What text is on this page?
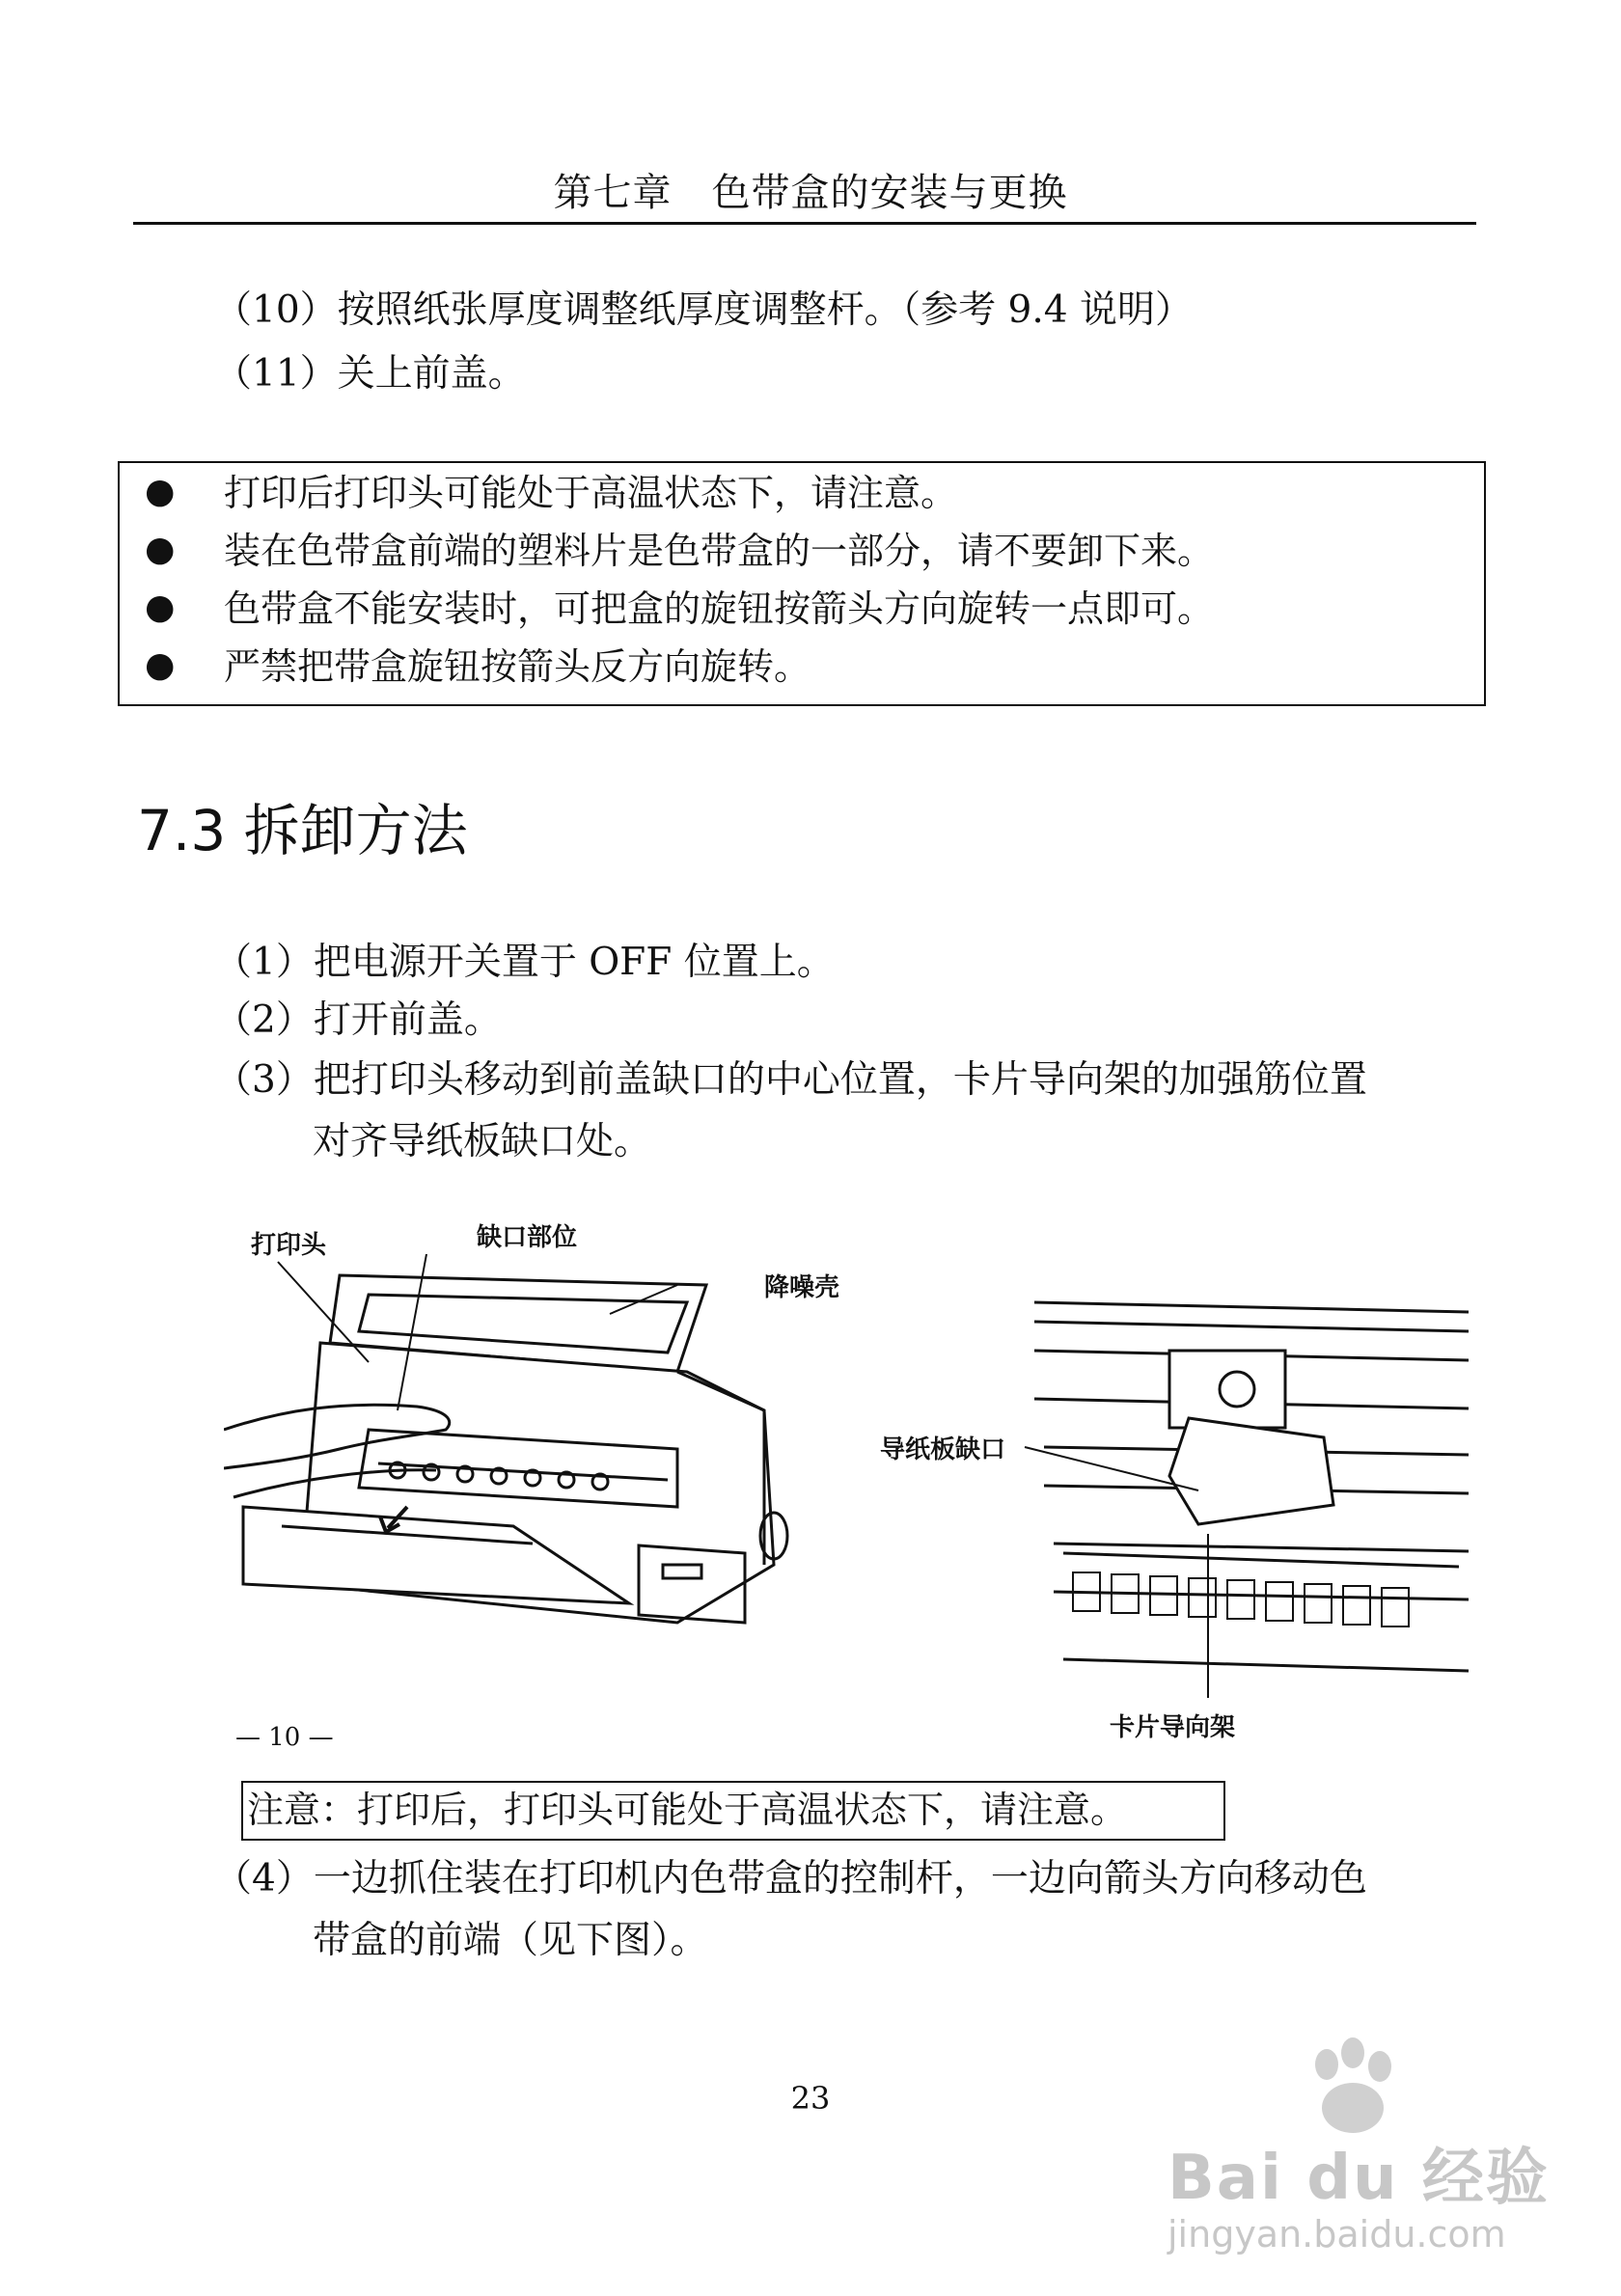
第七章　色带盒的安装与更换
（10）按照纸张厚度调整纸厚度调整杆。（参考 9.4 说明）
（11）关上前盖。
● 打印后打印头可能处于高温状态下，请注意。
● 装在色带盒前端的塑料片是色带盒的一部分，请不要卸下来。
● 色带盒不能安装时，可把盒的旋钮按箭头方向旋转一点即可。
● 严禁把带盒旋钮按箭头反方向旋转。
7.3 拆卸方法
（1）把电源开关置于 OFF 位置上。
（2）打开前盖。
（3）把打印头移动到前盖缺口的中心位置，卡片导向架的加强筋位置
对齐导纸板缺口处。
打印头	缺口部位
降噪壳
— 10 —
导纸板缺口
卡片导向架
注意：打印后，打印头可能处于高温状态下，请注意。
（4）一边抓住装在打印机内色带盒的控制杆，一边向箭头方向移动色
带盒的前端（见下图）。
23
Bai du 经验
jingyan.baidu.com
